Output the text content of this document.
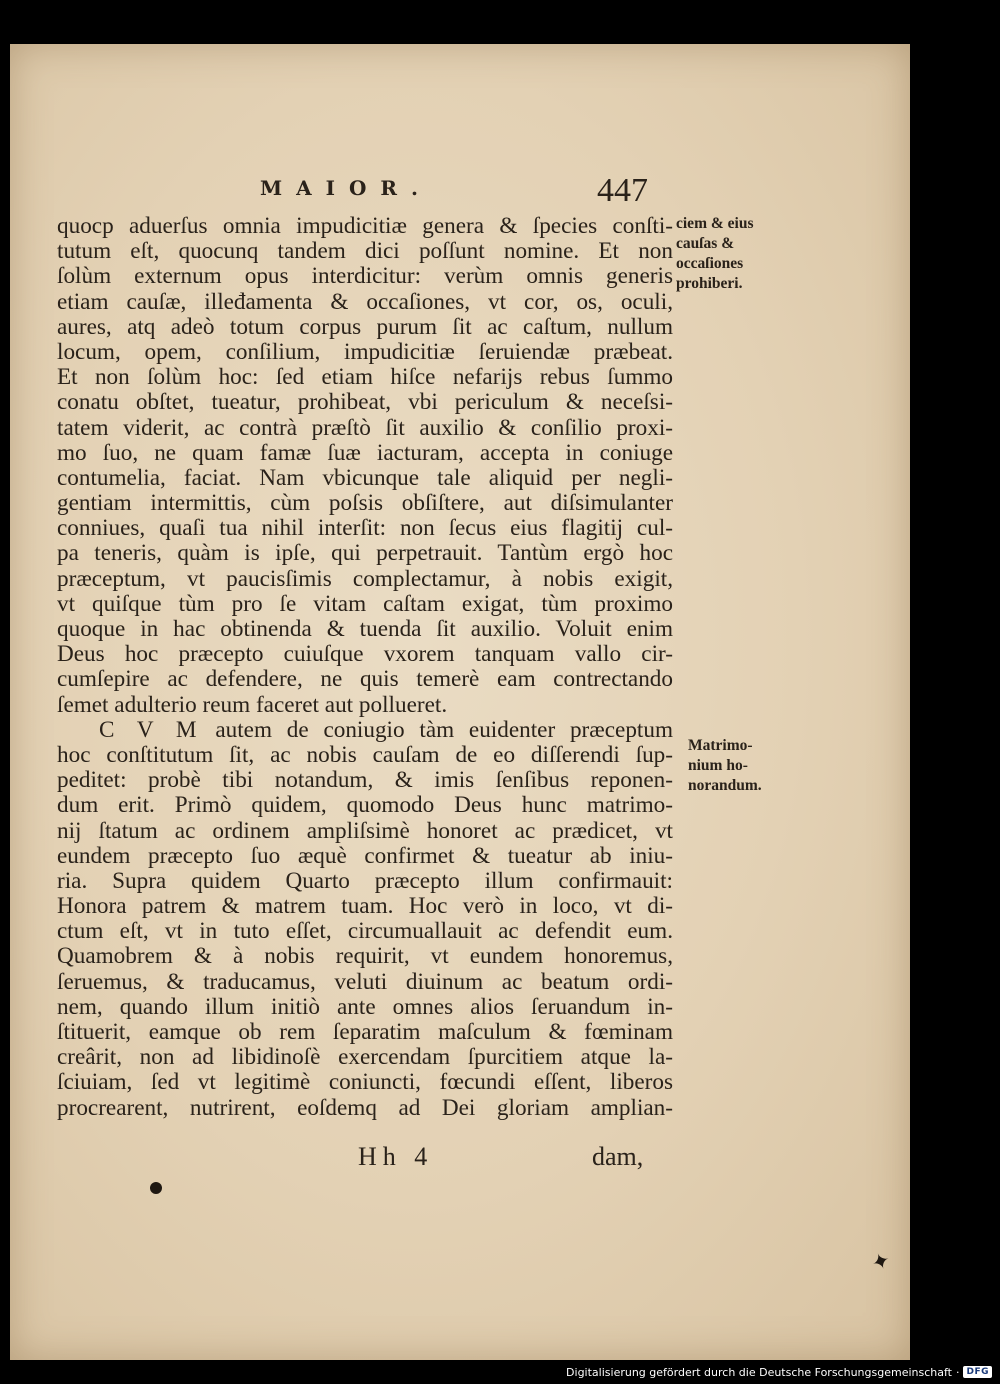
MAIOR.	447
quocp aduerſus omnia impudicitiæ genera & ſpecies conſti-
tutum eſt, quocunq tandem dici poſſunt nomine. Et non
ſolùm externum opus interdicitur: verùm omnis generis
etiam cauſæ, illeđamenta & occaſiones, vt cor, os, oculi,
aures, atq adeò totum corpus purum ſit ac caſtum, nullum
locum, opem, conſilium, impudicitiæ ſeruiendæ præbeat.
Et non ſolùm hoc: ſed etiam hiſce nefarijs rebus ſummo
conatu obſtet, tueatur, prohibeat, vbi periculum & neceſsi-
tatem viderit, ac contrà præſtò ſit auxilio & conſilio proxi-
mo ſuo, ne quam famæ ſuæ iacturam, accepta in coniuge
contumelia, faciat. Nam vbicunque tale aliquid per negli-
gentiam intermittis, cùm poſsis obſiſtere, aut diſsimulanter
conniues, quaſi tua nihil interſit: non ſecus eius flagitij cul-
pa teneris, quàm is ipſe, qui perpetrauit. Tantùm ergò hoc
præceptum, vt paucisſimis complectamur, à nobis exigit,
vt quiſque tùm pro ſe vitam caſtam exigat, tùm proximo
quoque in hac obtinenda & tuenda ſit auxilio. Voluit enim
Deus hoc præcepto cuiuſque vxorem tanquam vallo cir-
cumſepire ac defendere, ne quis temerè eam contrectando
ſemet adulterio reum faceret aut pollueret.
C V M autem de coniugio tàm euidenter præceptum
hoc conſtitutum ſit, ac nobis cauſam de eo diſſerendi ſup-
peditet: probè tibi notandum, & imis ſenſibus reponen-
dum erit. Primò quidem, quomodo Deus hunc matrimo-
nij ſtatum ac ordinem ampliſsimè honoret ac prædicet, vt
eundem præcepto ſuo æquè confirmet & tueatur ab iniu-
ria. Supra quidem Quarto præcepto illum confirmauit:
Honora patrem & matrem tuam. Hoc verò in loco, vt di-
ctum eſt, vt in tuto eſſet, circumuallauit ac defendit eum.
Quamobrem & à nobis requirit, vt eundem honoremus,
ſeruemus, & traducamus, veluti diuinum ac beatum ordi-
nem, quando illum initiò ante omnes alios ſeruandum in-
ſtituerit, eamque ob rem ſeparatim maſculum & fœminam
creârit, non ad libidinoſè exercendam ſpurcitiem atque la-
ſciuiam, ſed vt legitimè coniuncti, fœcundi eſſent, liberos
procrearent, nutrirent, eoſdemq ad Dei gloriam amplian-
ciem & eius
cauſas &
occaſiones
prohiberi.
Matrimo-
nium ho-
norandum.
Hh 4	dam,
✦
Digitalisierung gefördert durch die Deutsche Forschungsgemeinschaft · DFG
